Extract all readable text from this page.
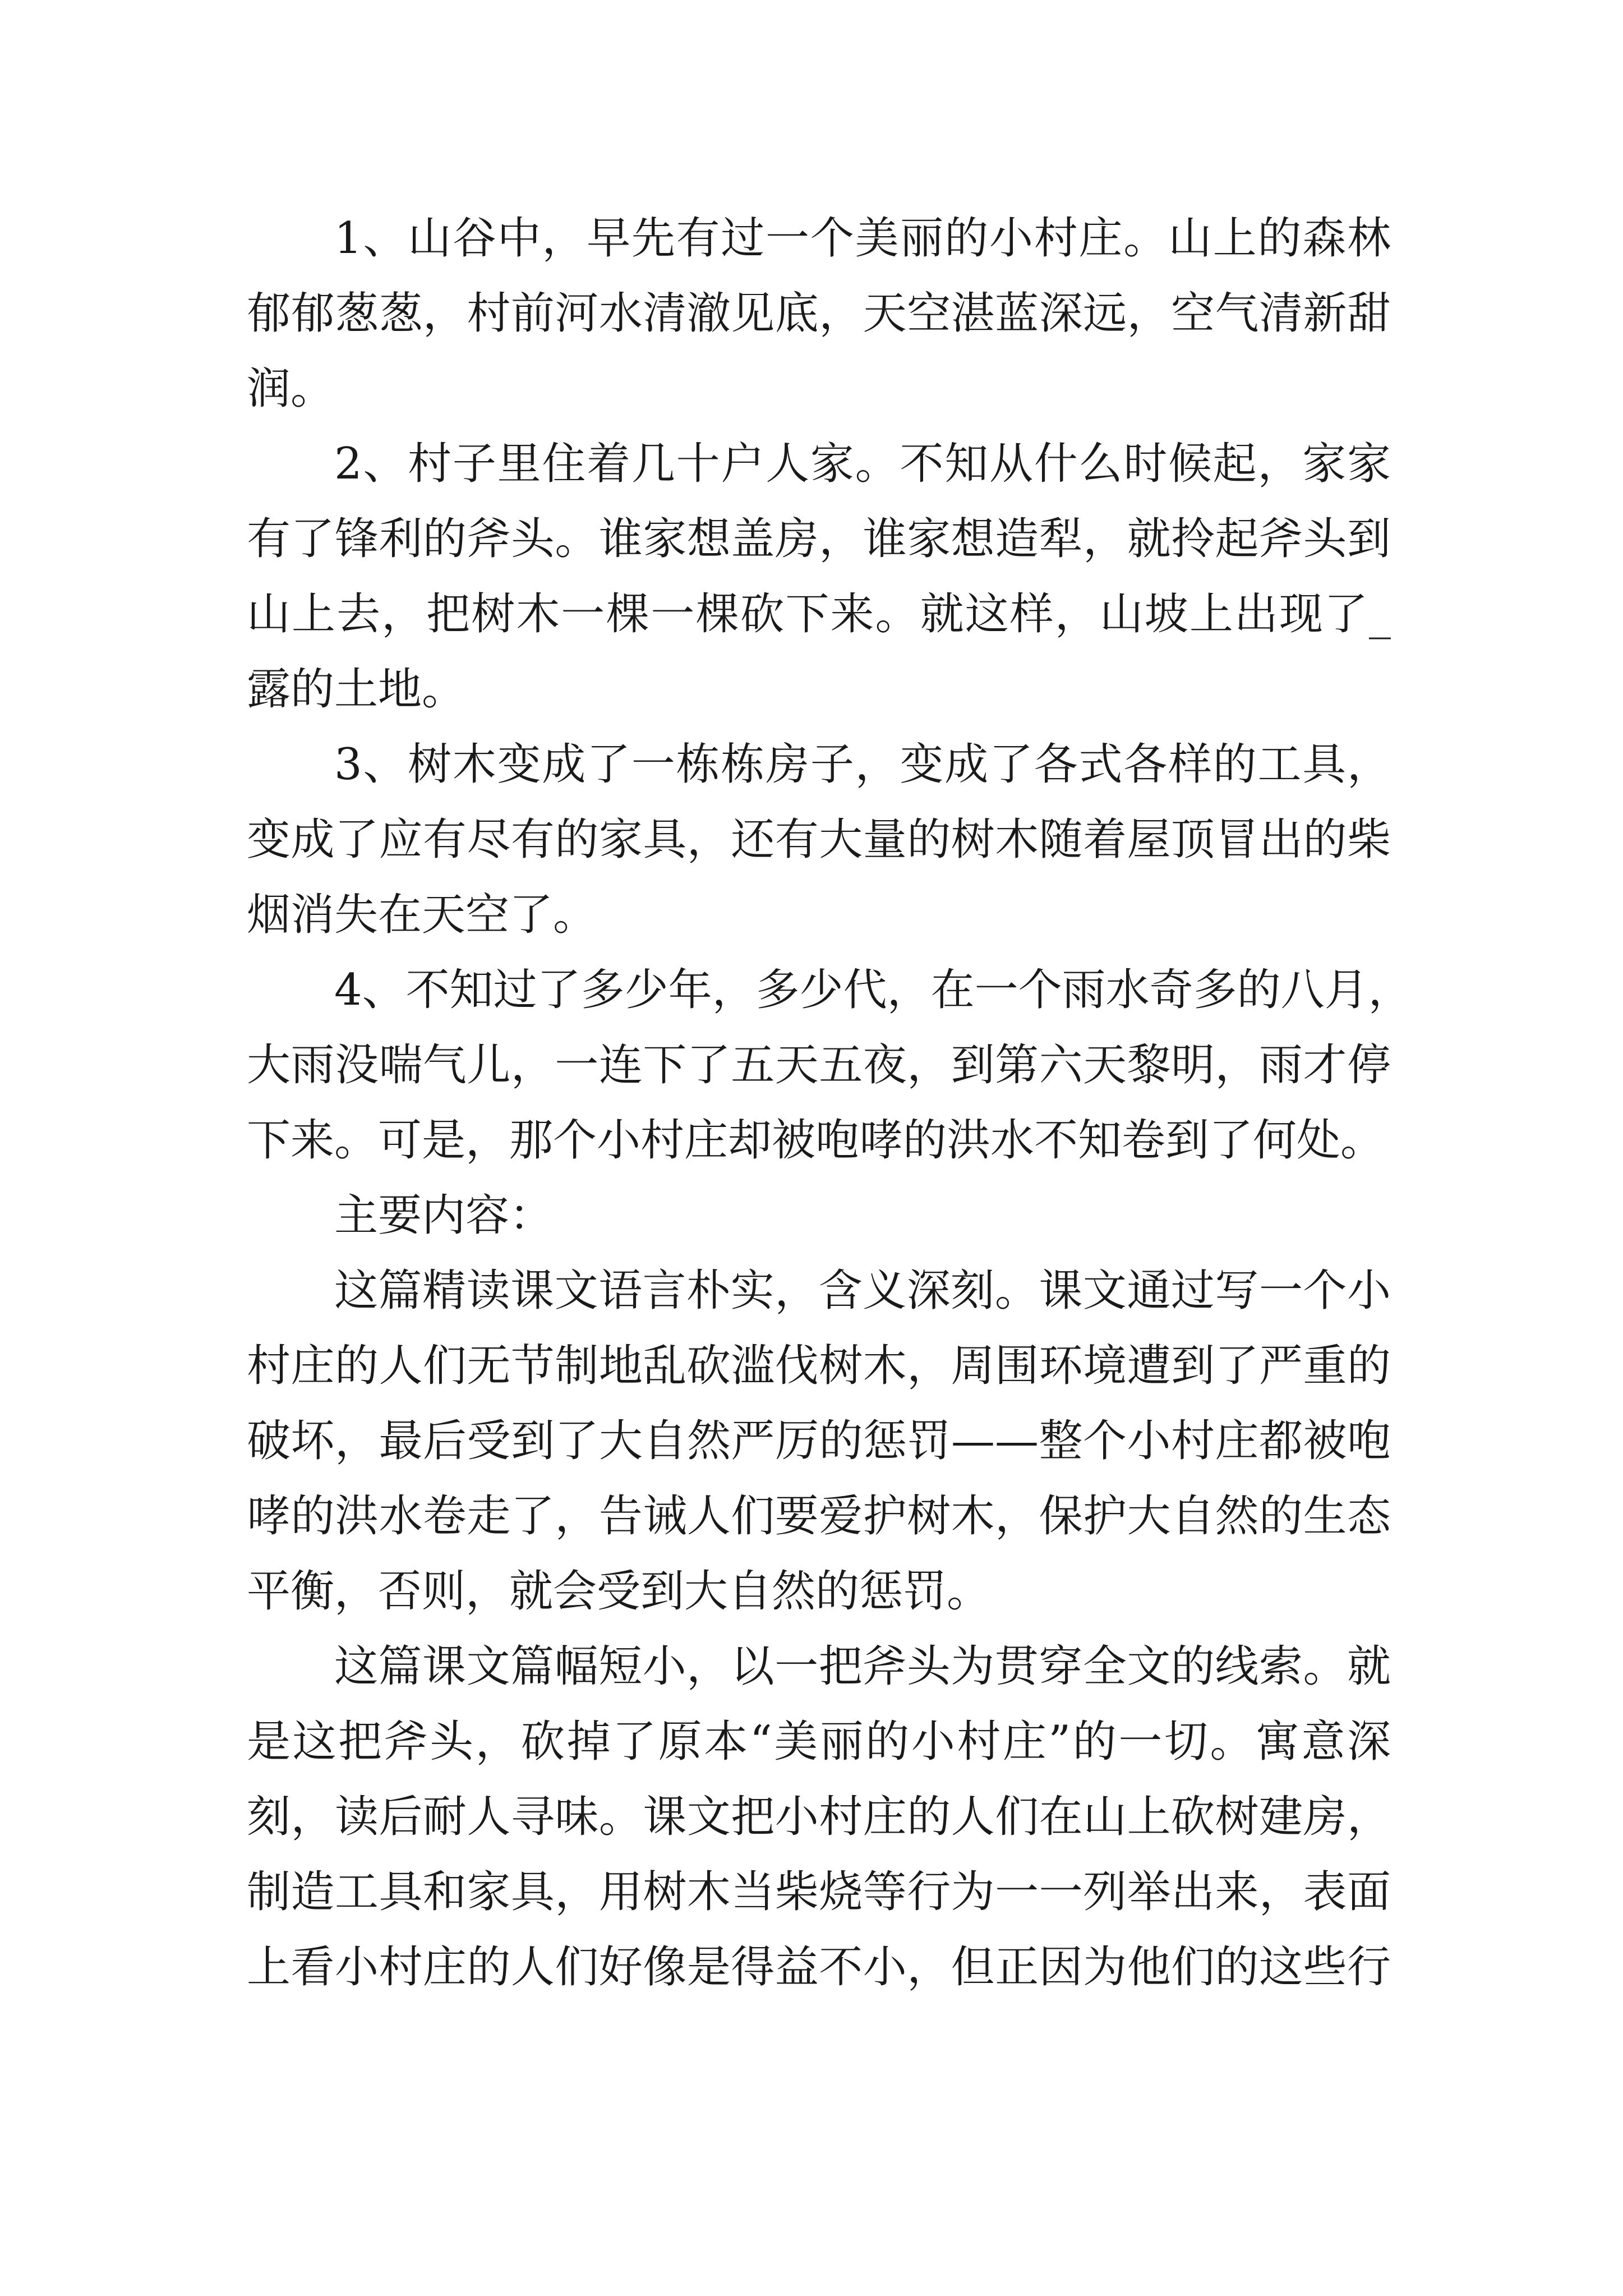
1、山谷中，早先有过一个美丽的小村庄。山上的森林
郁郁葱葱，村前河水清澈见底，天空湛蓝深远，空气清新甜
润。
2、村子里住着几十户人家。不知从什么时候起，家家
有了锋利的斧头。谁家想盖房，谁家想造犁，就拎起斧头到
山上去，把树木一棵一棵砍下来。就这样，山坡上出现了_
露的土地。
3、树木变成了一栋栋房子，变成了各式各样的工具，
变成了应有尽有的家具，还有大量的树木随着屋顶冒出的柴
烟消失在天空了。
4、不知过了多少年，多少代，在一个雨水奇多的八月，
大雨没喘气儿，一连下了五天五夜，到第六天黎明，雨才停
下来。可是，那个小村庄却被咆哮的洪水不知卷到了何处。
主要内容：
这篇精读课文语言朴实，含义深刻。课文通过写一个小
村庄的人们无节制地乱砍滥伐树木，周围环境遭到了严重的
破坏，最后受到了大自然严厉的惩罚——整个小村庄都被咆
哮的洪水卷走了，告诫人们要爱护树木，保护大自然的生态
平衡，否则，就会受到大自然的惩罚。
这篇课文篇幅短小，以一把斧头为贯穿全文的线索。就
是这把斧头，砍掉了原本“美丽的小村庄”的一切。寓意深
刻，读后耐人寻味。课文把小村庄的人们在山上砍树建房，
制造工具和家具，用树木当柴烧等行为一一列举出来，表面
上看小村庄的人们好像是得益不小，但正因为他们的这些行
